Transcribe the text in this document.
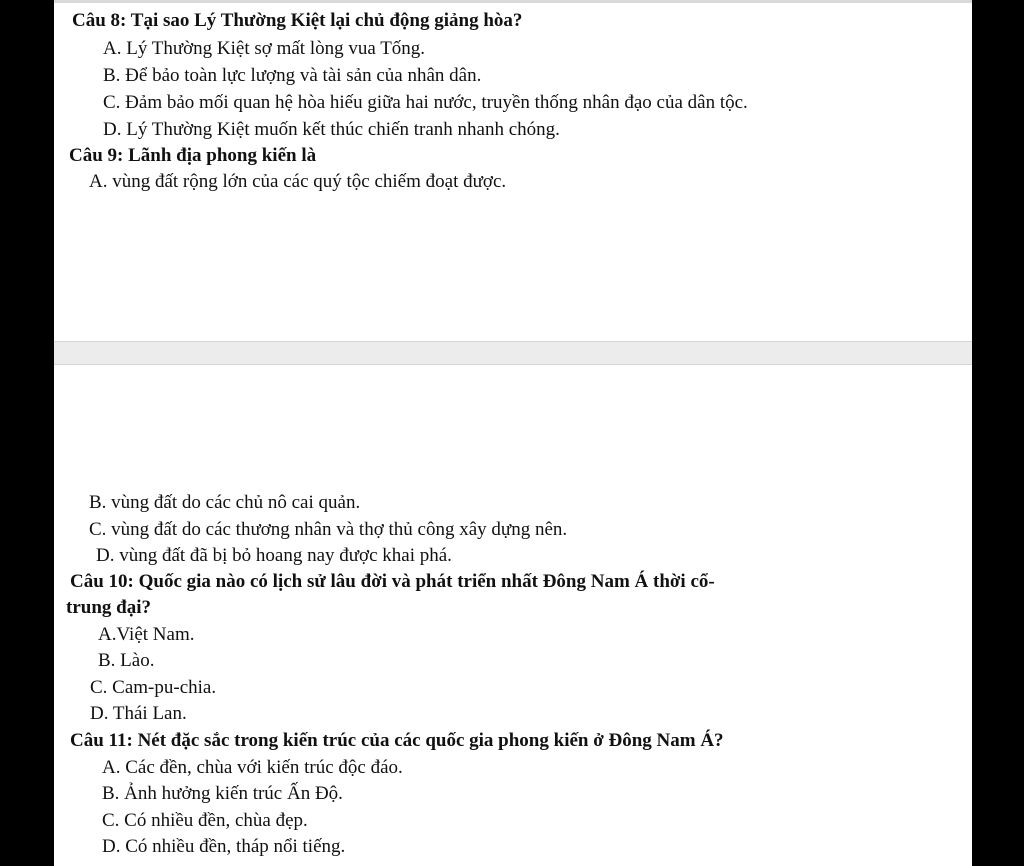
Câu 8: Tại sao Lý Thường Kiệt lại chủ động giảng hòa?
A. Lý Thường Kiệt sợ mất lòng vua Tống.
B. Để bảo toàn lực lượng và tài sản của nhân dân.
C. Đảm bảo mối quan hệ hòa hiếu giữa hai nước, truyền thống nhân đạo của dân tộc.
D. Lý Thường Kiệt muốn kết thúc chiến tranh nhanh chóng.
Câu 9: Lãnh địa phong kiến là
A. vùng đất rộng lớn của các quý tộc chiếm đoạt được.
B. vùng đất do các chủ nô cai quản.
C. vùng đất do các thương nhân và thợ thủ công xây dựng nên.
D. vùng đất đã bị bỏ hoang nay được khai phá.
Câu 10: Quốc gia nào có lịch sử lâu đời và phát triển nhất Đông Nam Á thời cổ-
trung đại?
A.Việt Nam.
B. Lào.
C. Cam-pu-chia.
D. Thái Lan.
Câu 11: Nét đặc sắc trong kiến trúc của các quốc gia phong kiến ở Đông Nam Á?
A. Các đền, chùa với kiến trúc độc đáo.
B. Ảnh hưởng kiến trúc Ấn Độ.
C. Có nhiều đền, chùa đẹp.
D. Có nhiều đền, tháp nổi tiếng.
